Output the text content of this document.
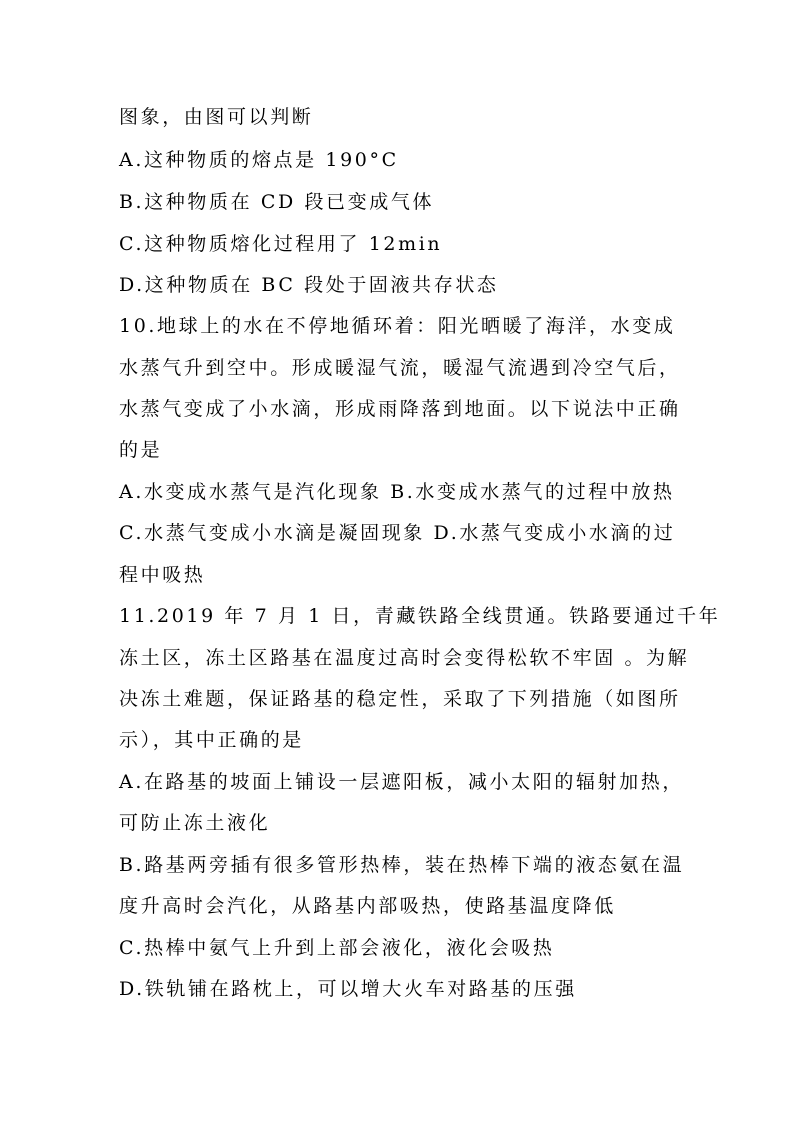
图象，由图可以判断
A.这种物质的熔点是 190°C
B.这种物质在 CD 段已变成气体
C.这种物质熔化过程用了 12min
D.这种物质在 BC 段处于固液共存状态
10.地球上的水在不停地循环着：阳光晒暖了海洋，水变成
水蒸气升到空中。形成暖湿气流，暖湿气流遇到冷空气后，
水蒸气变成了小水滴，形成雨降落到地面。以下说法中正确
的是
A.水变成水蒸气是汽化现象 B.水变成水蒸气的过程中放热
C.水蒸气变成小水滴是凝固现象 D.水蒸气变成小水滴的过
程中吸热
11.2019 年 7 月 1 日，青藏铁路全线贯通。铁路要通过千年
冻土区，冻土区路基在温度过高时会变得松软不牢固 。为解
决冻土难题，保证路基的稳定性，采取了下列措施（如图所
示），其中正确的是
A.在路基的坡面上铺设一层遮阳板，减小太阳的辐射加热，
可防止冻土液化
B.路基两旁插有很多管形热棒，装在热棒下端的液态氨在温
度升高时会汽化，从路基内部吸热，使路基温度降低
C.热棒中氨气上升到上部会液化，液化会吸热
D.铁轨铺在路枕上，可以增大火车对路基的压强
